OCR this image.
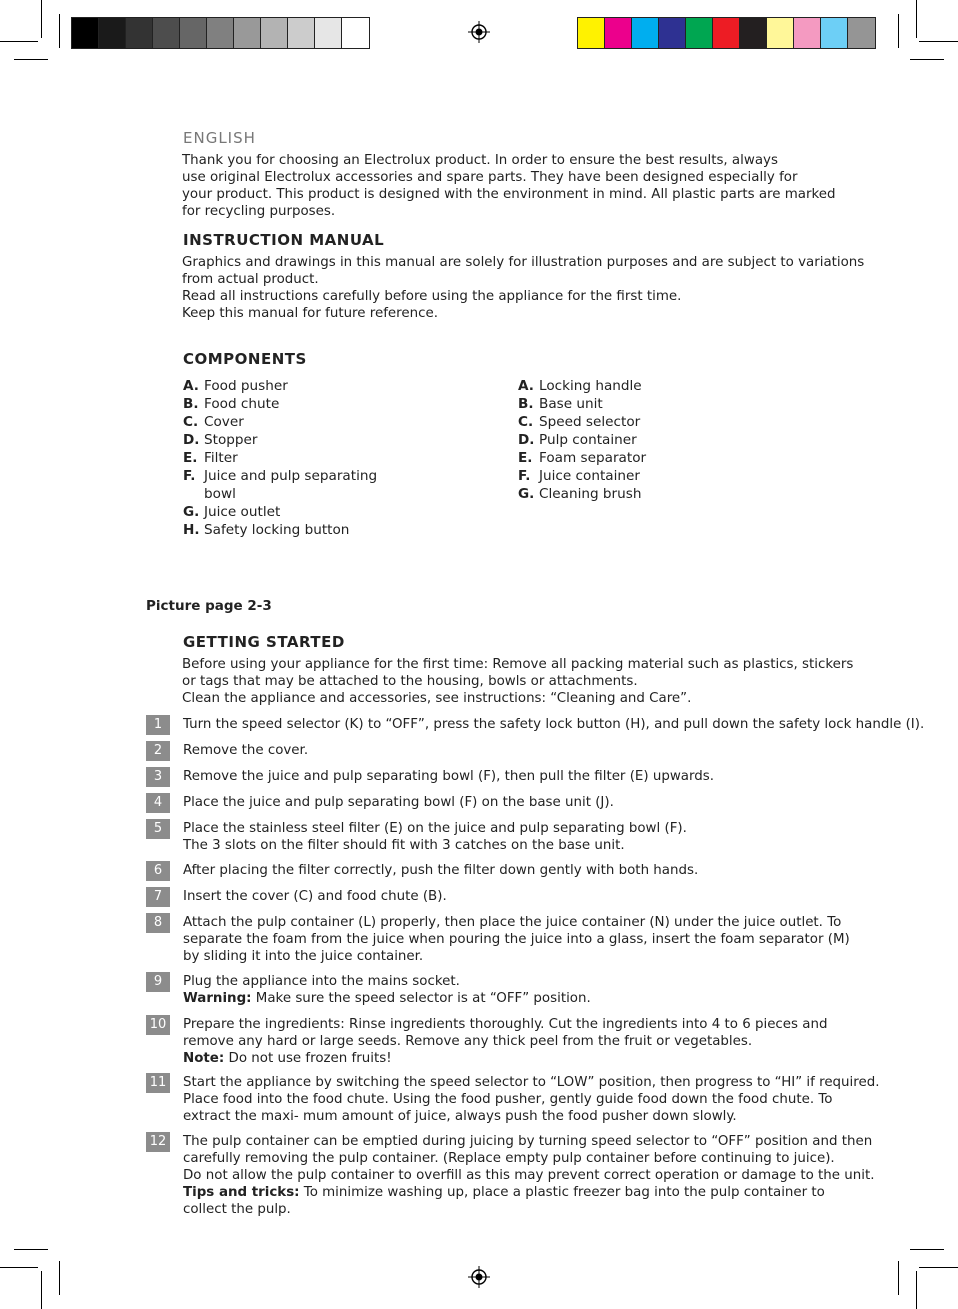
ENGLISH

Thank you for choosing an Electrolux product. In order to ensure the best results, always

use original Electrolux accessories and spare parts. They have been designed especially for

your product. This product is designed with the environment in mind. All plastic parts are marked

for recycling purposes.

INSTRUCTION MANUAL

Graphics and drawings in this manual are solely for illustration purposes and are subject to variations

from actual product.

Read all instructions carefully before using the appliance for the first time.

Keep this manual for future reference.

COMPONENTS
A. Food pusher
B. Food chute
C. Cover
D. Stopper
E. Filter
F. Juice and pulp separating
bowl
G. Juice outlet
H. Safety locking button
A. Locking handle
B. Base unit
C. Speed selector
D. Pulp container
E. Foam separator
F. Juice container
G. Cleaning brush
Picture page 2-3
GETTING STARTED

Before using your appliance for the first time: Remove all packing material such as plastics, stickers

or tags that may be attached to the housing, bowls or attachments.

Clean the appliance and accessories, see instructions: “Cleaning and Care”.

1	Turn the speed selector (K) to “OFF”, press the safety lock button (H), and pull down the safety lock handle (I).

2	Remove the cover.

3	Remove the juice and pulp separating bowl (F), then pull the filter (E) upwards.

4	Place the juice and pulp separating bowl (F) on the base unit (J).

5	Place the stainless steel filter (E) on the juice and pulp separating bowl (F).

The 3 slots on the filter should fit with 3 catches on the base unit.

6	After placing the filter correctly, push the filter down gently with both hands.

7	Insert the cover (C) and food chute (B).

8	Attach the pulp container (L) properly, then place the juice container (N) under the juice outlet. To

separate the foam from the juice when pouring the juice into a glass, insert the foam separator (M)

by sliding it into the juice container.

9	Plug the appliance into the mains socket.

Warning: Make sure the speed selector is at “OFF” position.

10 Prepare the ingredients: Rinse ingredients thoroughly. Cut the ingredients into 4 to 6 pieces and

remove any hard or large seeds. Remove any thick peel from the fruit or vegetables.

Note: Do not use frozen fruits!

11 Start the appliance by switching the speed selector to “LOW” position, then progress to “HI” if required.

Place food into the food chute. Using the food pusher, gently guide food down the food chute. To

extract the maxi- mum amount of juice, always push the food pusher down slowly.

12 The pulp container can be emptied during juicing by turning speed selector to “OFF” position and then

carefully removing the pulp container. (Replace empty pulp container before continuing to juice).

Do not allow the pulp container to overfill as this may prevent correct operation or damage to the unit.

Tips and tricks: To minimize washing up, place a plastic freezer bag into the pulp container to

collect the pulp.
